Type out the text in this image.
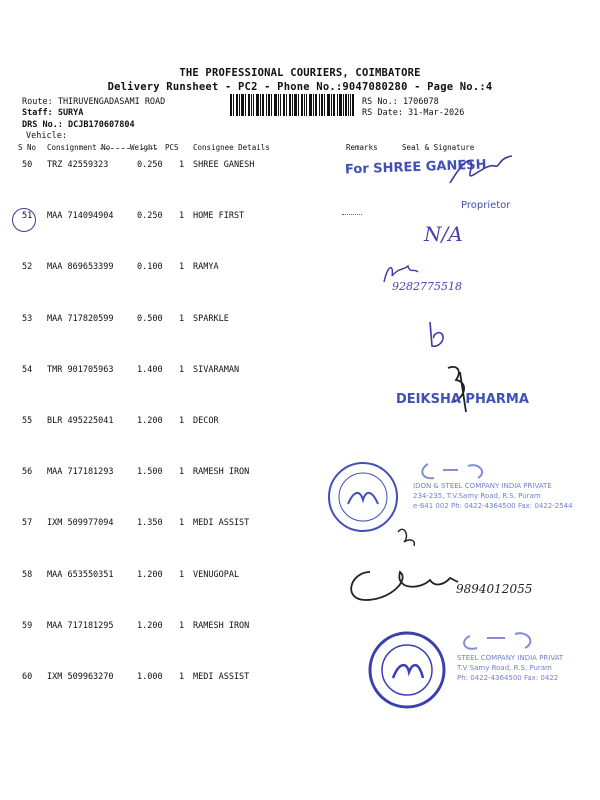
THE PROFESSIONAL COURIERS, COIMBATORE
Delivery Runsheet - PC2 - Phone No.:9047080280 - Page No.:4
Route: THIRUVENGADASAMI ROAD
Staff: SURYA
DRS No.: DCJB170607804
Vehicle:
RS No.: 1706078
RS Date: 31-Mar-2026
S No Consignment No	Weight PCS Consignee Details	Remarks	Seal & Signature
50 TRZ 42559323	0.250 1 SHREE GANESH
51 MAA 714094904	0.250 1 HOME FIRST
52 MAA 869653399	0.100 1 RAMYA
53 MAA 717820599	0.500 1 SPARKLE
54 TMR 901705963	1.400 1 SIVARAMAN
55 BLR 495225041	1.200 1 DECOR
56 MAA 717181293	1.500 1 RAMESH IRON
57 IXM 509977094	1.350 1 MEDI ASSIST
58 MAA 653550351	1.200 1 VENUGOPAL
59 MAA 717181295	1.200 1 RAMESH IRON
60 IXM 509963270	1.000 1 MEDI ASSIST
For SHREE GANESH
Proprietor
N/A
9282775518
DEIKSHA PHARMA
IDON & STEEL COMPANY INDIA PRIVATE
234-235, T.V.Samy Road, R.S. Puram
e-641 002 Ph: 0422-4364500 Fax: 0422-2544
9894012055
STEEL COMPANY INDIA PRIVAT
T.V Samy Road, R.S. Puram
Ph: 0422-4364500 Fax: 0422
